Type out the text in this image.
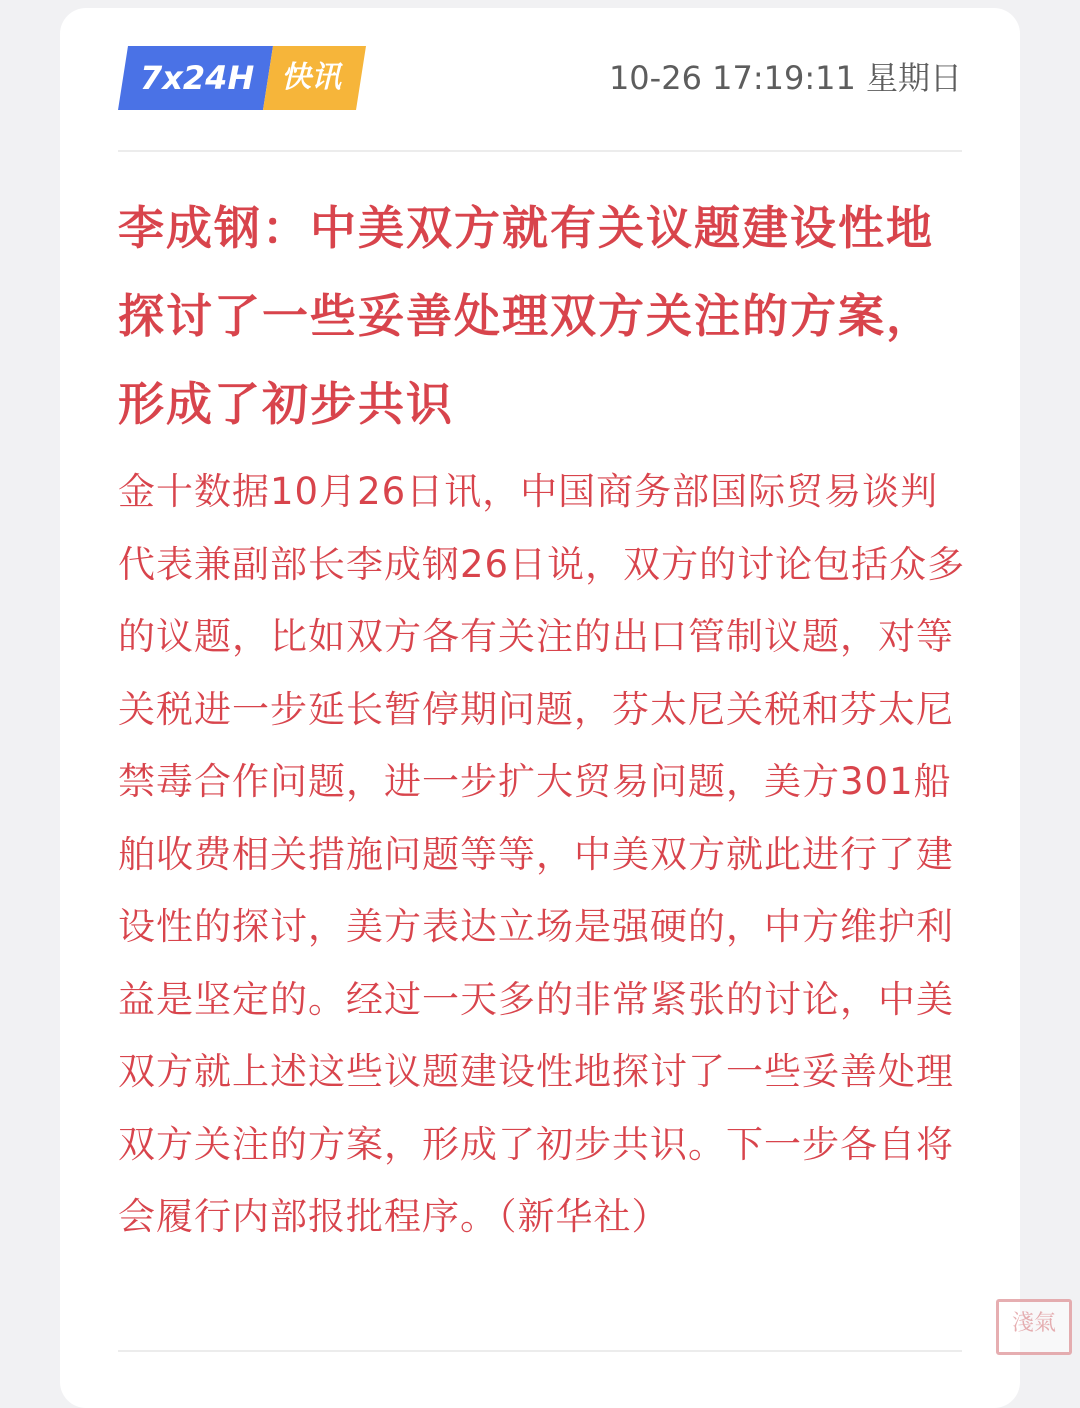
7x24H 快讯	10-26 17:19:11 星期日
李成钢：中美双方就有关议题建设性地探讨了一些妥善处理双方关注的方案，形成了初步共识

金十数据10月26日讯，中国商务部国际贸易谈判代表兼副部长李成钢26日说，双方的讨论包括众多的议题，比如双方各有关注的出口管制议题，对等关税进一步延长暂停期问题，芬太尼关税和芬太尼禁毒合作问题，进一步扩大贸易问题，美方301船舶收费相关措施问题等等，中美双方就此进行了建设性的探讨，美方表达立场是强硬的，中方维护利益是坚定的。经过一天多的非常紧张的讨论，中美双方就上述这些议题建设性地探讨了一些妥善处理双方关注的方案，形成了初步共识。下一步各自将会履行内部报批程序。（新华社）

淺氣
